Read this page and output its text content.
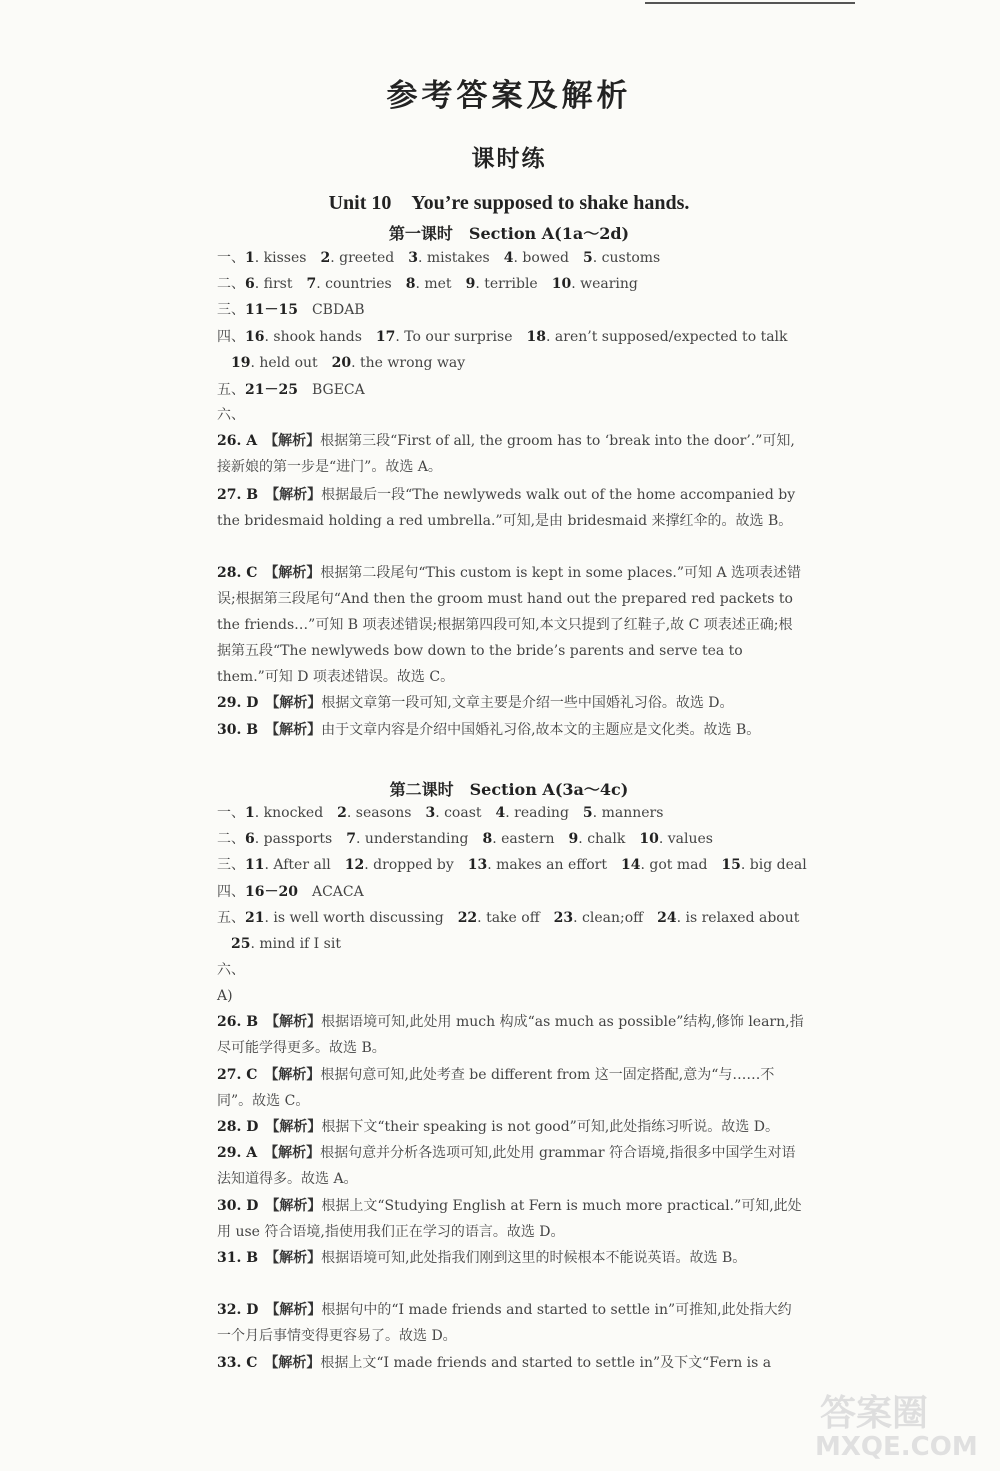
答案圈
MXQE.COM
参考答案及解析
课时练
Unit 10　You’re supposed to shake hands.
第一课时　Section A(1a～2d)
一、1. kisses　2. greeted　3. mistakes　4. bowed　5. customs
二、6. first　7. countries　8. met　9. terrible　10. wearing
三、11－15　CBDAB
四、16. shook hands　17. To our surprise　18. aren’t supposed/expected to talk
　19. held out　20. the wrong way
五、21－25　BGECA
六、
26. A　【解析】根据第三段“First of all, the groom has to ‘break into the door’.”可知,接新娘的第一步是“进门”。故选 A。
27. B　【解析】根据最后一段“The newlyweds walk out of the home accompanied by the bridesmaid holding a red umbrella.”可知,是由 bridesmaid 来撑红伞的。故选 B。
28. C　【解析】根据第二段尾句“This custom is kept in some places.”可知 A 选项表述错误;根据第三段尾句“And then the groom must hand out the prepared red packets to the friends…”可知 B 项表述错误;根据第四段可知,本文只提到了红鞋子,故 C 项表述正确;根据第五段“The newlyweds bow down to the bride’s parents and serve tea to them.”可知 D 项表述错误。故选 C。
29. D　【解析】根据文章第一段可知,文章主要是介绍一些中国婚礼习俗。故选 D。
30. B　【解析】由于文章内容是介绍中国婚礼习俗,故本文的主题应是文化类。故选 B。
第二课时　Section A(3a～4c)
一、1. knocked　2. seasons　3. coast　4. reading　5. manners
二、6. passports　7. understanding　8. eastern　9. chalk　10. values
三、11. After all　12. dropped by　13. makes an effort　14. got mad　15. big deal
四、16－20　ACACA
五、21. is well worth discussing　22. take off　23. clean;off　24. is relaxed about
　25. mind if I sit
六、
A)
26. B　【解析】根据语境可知,此处用 much 构成“as much as possible”结构,修饰 learn,指尽可能学得更多。故选 B。
27. C　【解析】根据句意可知,此处考查 be different from 这一固定搭配,意为“与……不同”。故选 C。
28. D　【解析】根据下文“their speaking is not good”可知,此处指练习听说。故选 D。
29. A　【解析】根据句意并分析各选项可知,此处用 grammar 符合语境,指很多中国学生对语法知道得多。故选 A。
30. D　【解析】根据上文“Studying English at Fern is much more practical.”可知,此处用 use 符合语境,指使用我们正在学习的语言。故选 D。
31. B　【解析】根据语境可知,此处指我们刚到这里的时候根本不能说英语。故选 B。
32. D　【解析】根据句中的“I made friends and started to settle in”可推知,此处指大约一个月后事情变得更容易了。故选 D。
33. C　【解析】根据上文“I made friends and started to settle in”及下文“Fern is a
